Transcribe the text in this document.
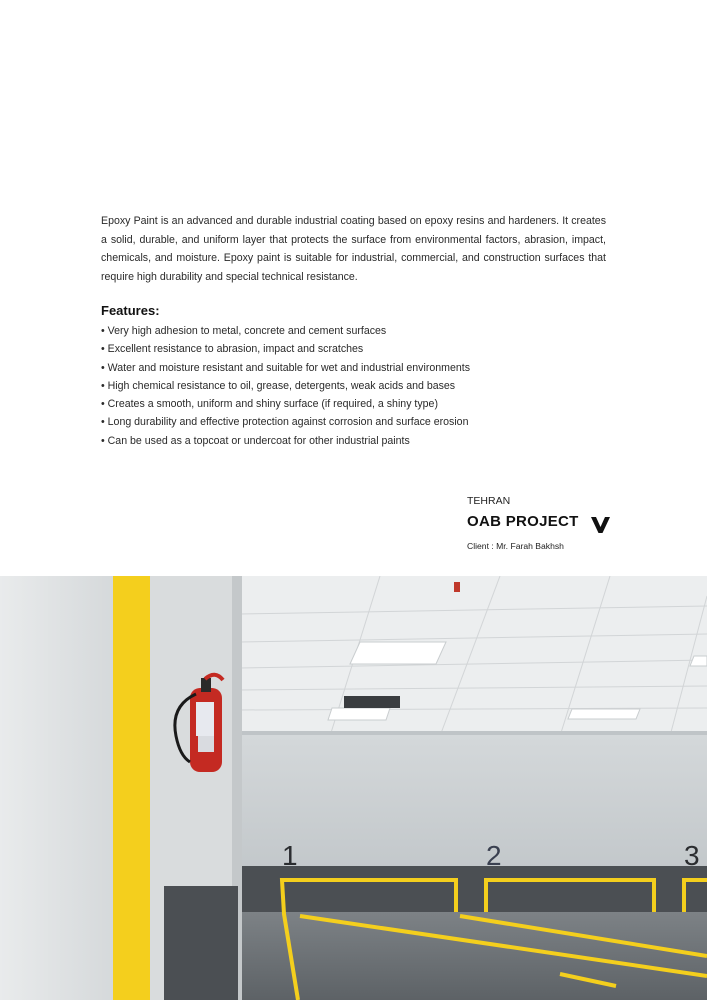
Epoxy Paint is an advanced and durable industrial coating based on epoxy resins and hardeners. It creates a solid, durable, and uniform layer that protects the surface from environmental factors, abrasion, impact, chemicals, and moisture. Epoxy paint is suitable for industrial, commercial, and construction surfaces that require high durability and special technical resistance.

Features:
• Very high adhesion to metal, concrete and cement surfaces
• Excellent resistance to abrasion, impact and scratches
• Water and moisture resistant and suitable for wet and industrial environments
• High chemical resistance to oil, grease, detergents, weak acids and bases
• Creates a smooth, uniform and shiny surface (if required, a shiny type)
• Long durability and effective protection against corrosion and surface erosion
• Can be used as a topcoat or undercoat for other industrial paints

TEHRAN

OAB PROJECT

Client : Mr. Farah Bakhsh

1	2	3
